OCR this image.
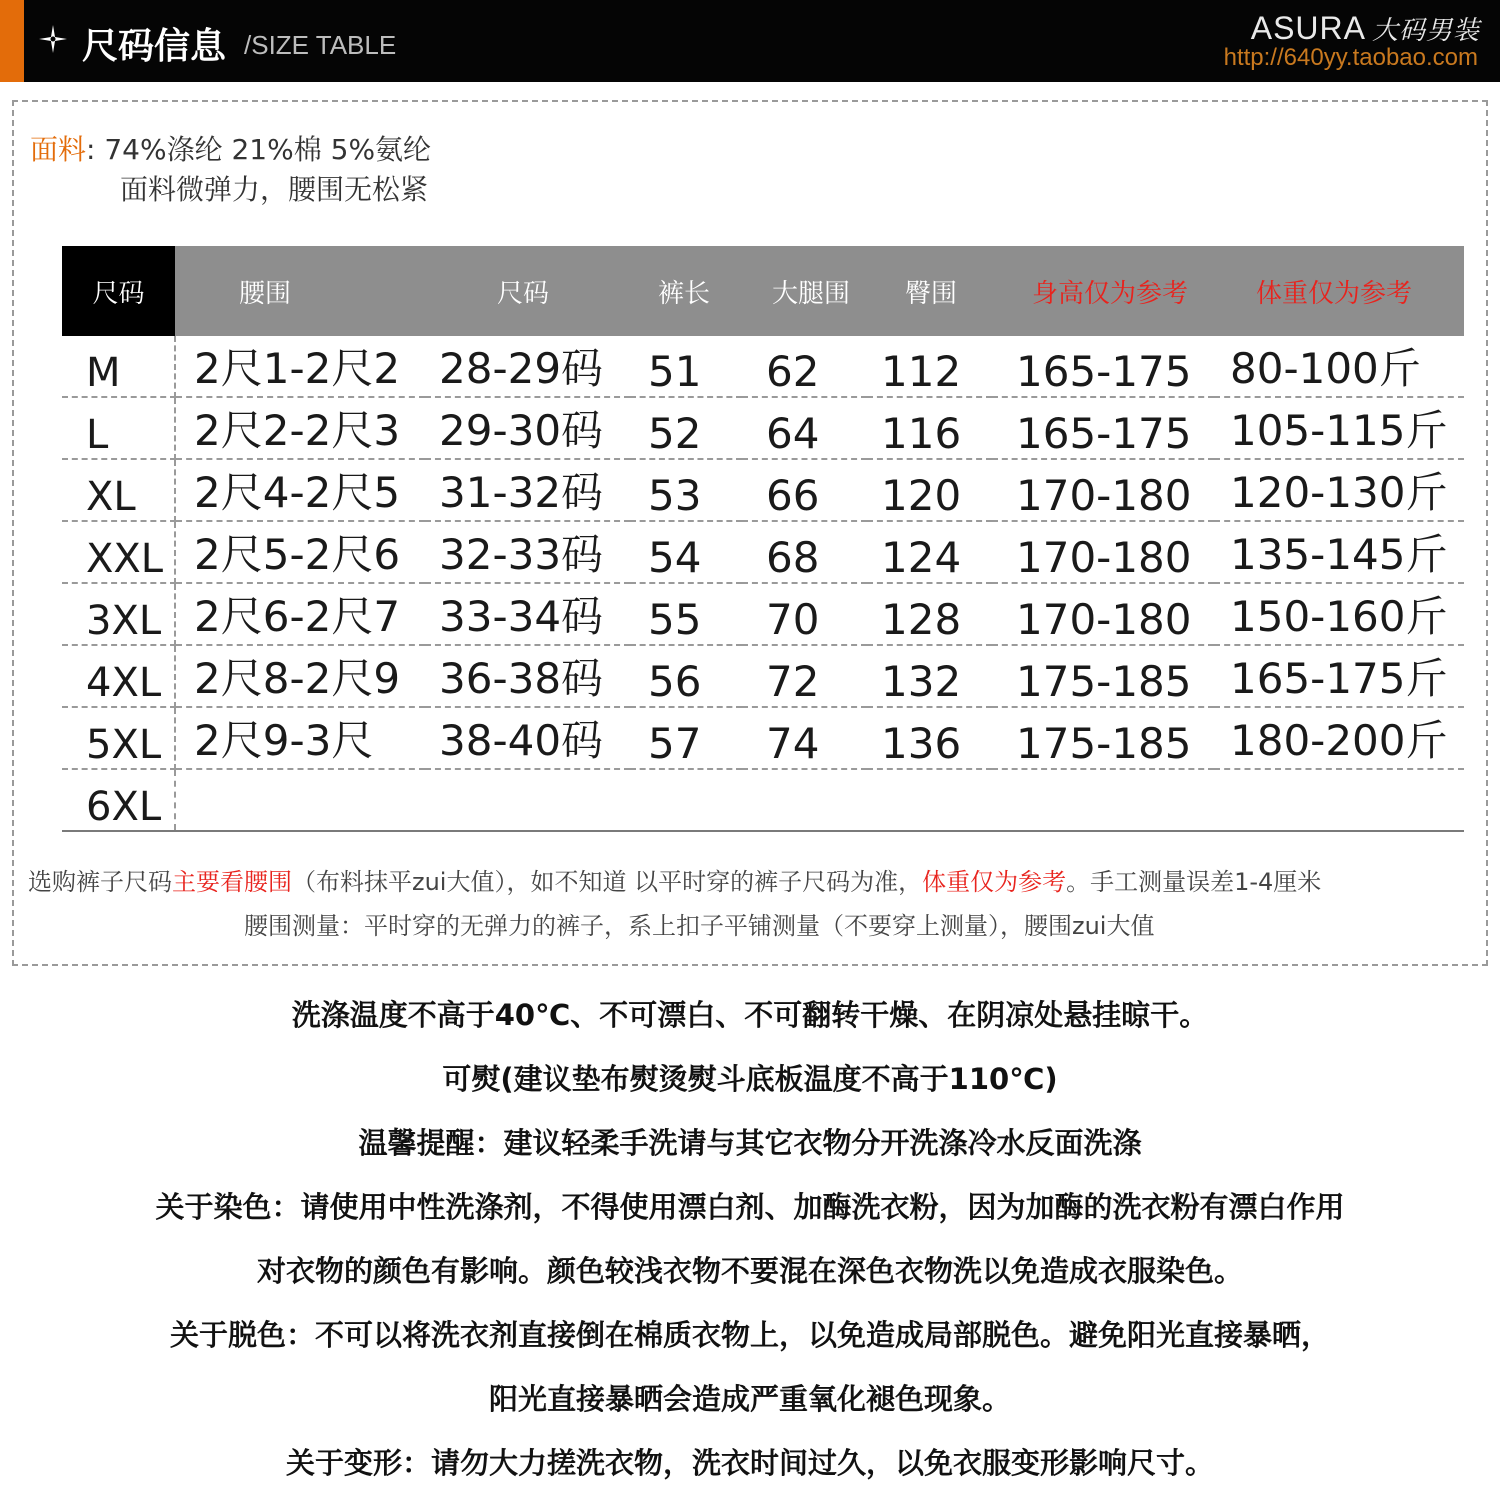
尺码信息 /SIZE TABLE	ASURA 大码男装
http://640yy.taobao.com
面料: 74%涤纶 21%棉 5%氨纶
面料微弹力，腰围无松紧
尺码	腰围	尺码	裤长	大腿围	臀围	身高仅为参考	体重仅为参考
M	2尺1-2尺2	28-29码	51	62	112	165-175	80-100斤
L	2尺2-2尺3	29-30码	52	64	116	165-175	105-115斤
XL	2尺4-2尺5	31-32码	53	66	120	170-180	120-130斤
XXL	2尺5-2尺6	32-33码	54	68	124	170-180	135-145斤
3XL	2尺6-2尺7	33-34码	55	70	128	170-180	150-160斤
4XL	2尺8-2尺9	36-38码	56	72	132	175-185	165-175斤
5XL	2尺9-3尺	38-40码	57	74	136	175-185	180-200斤
6XL							
选购裤子尺码主要看腰围（布料抹平zui大值），如不知道 以平时穿的裤子尺码为准，体重仅为参考。手工测量误差1-4厘米
腰围测量：平时穿的无弹力的裤子，系上扣子平铺测量（不要穿上测量），腰围zui大值
洗涤温度不高于40℃、不可漂白、不可翻转干燥、在阴凉处悬挂晾干。
可熨(建议垫布熨烫熨斗底板温度不高于110℃)
温馨提醒：建议轻柔手洗请与其它衣物分开洗涤冷水反面洗涤
关于染色：请使用中性洗涤剂，不得使用漂白剂、加酶洗衣粉，因为加酶的洗衣粉有漂白作用
对衣物的颜色有影响。颜色较浅衣物不要混在深色衣物洗以免造成衣服染色。
关于脱色：不可以将洗衣剂直接倒在棉质衣物上，以免造成局部脱色。避免阳光直接暴晒，
阳光直接暴晒会造成严重氧化褪色现象。
关于变形：请勿大力搓洗衣物，洗衣时间过久，以免衣服变形影响尺寸。
